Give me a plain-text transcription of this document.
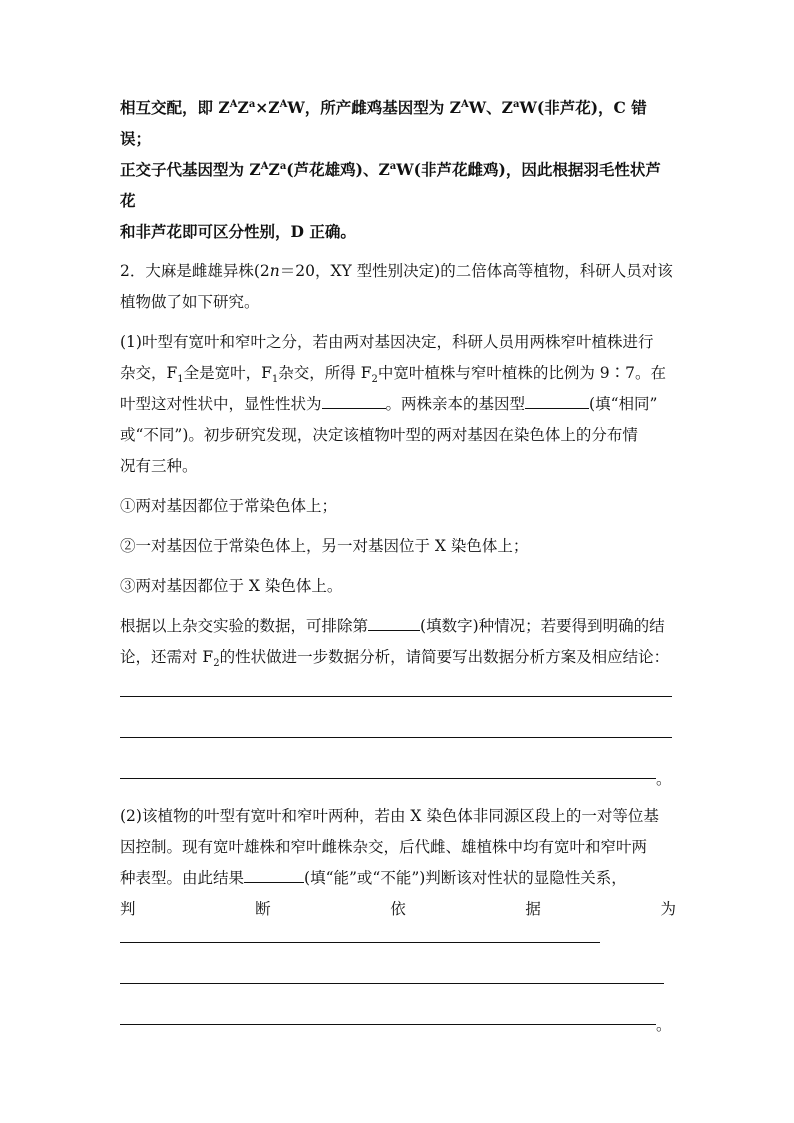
相互交配，即 $Z^AZ^a\times Z^AW$，所产雌鸡基因型为 $Z^AW$、$Z^aW$(非芦花)，C 错误；

正交子代基因型为 $Z^AZ^a$(芦花雄鸡)、$Z^aW$(非芦花雌鸡)，因此根据羽毛性状芦花

和非芦花即可区分性别，D 正确。

2．大麻是雌雄异株(2n＝20，XY 型性别决定)的二倍体高等植物，科研人员对该

植物做了如下研究。

(1)叶型有宽叶和窄叶之分，若由两对基因决定，科研人员用两株窄叶植株进行

杂交，$F_1$全是宽叶，$F_1$杂交，所得 $F_2$中宽叶植株与窄叶植株的比例为 9∶7。在

叶型这对性状中，显性性状为	。两株亲本的基因型	(填“相同”

或“不同”)。初步研究发现，决定该植物叶型的两对基因在染色体上的分布情

况有三种。

①两对基因都位于常染色体上；

②一对基因位于常染色体上，另一对基因位于 X 染色体上；

③两对基因都位于 X 染色体上。

根据以上杂交实验的数据，可排除第	(填数字)种情况；若要得到明确的结

论，还需对 $F_2$的性状做进一步数据分析，请简要写出数据分析方案及相应结论：

。

(2)该植物的叶型有宽叶和窄叶两种，若由 X 染色体非同源区段上的一对等位基

因控制。现有宽叶雄株和窄叶雌株杂交，后代雌、雄植株中均有宽叶和窄叶两

种表型。由此结果	(填“能”或“不能”)判断该对性状的显隐性关系，

判	断	依	据	为
。
